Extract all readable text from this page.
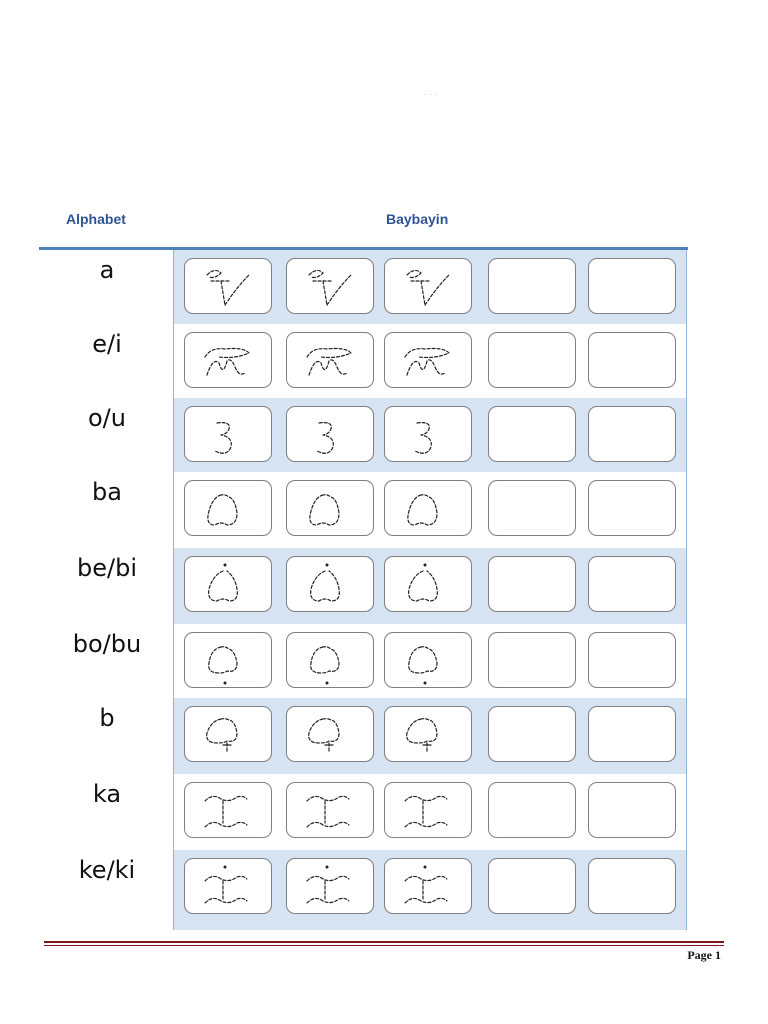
· · ·
Alphabet	Baybayin
a
e/i
o/u
ba
be/bi
bo/bu
b
ka
ke/ki
Page 1
